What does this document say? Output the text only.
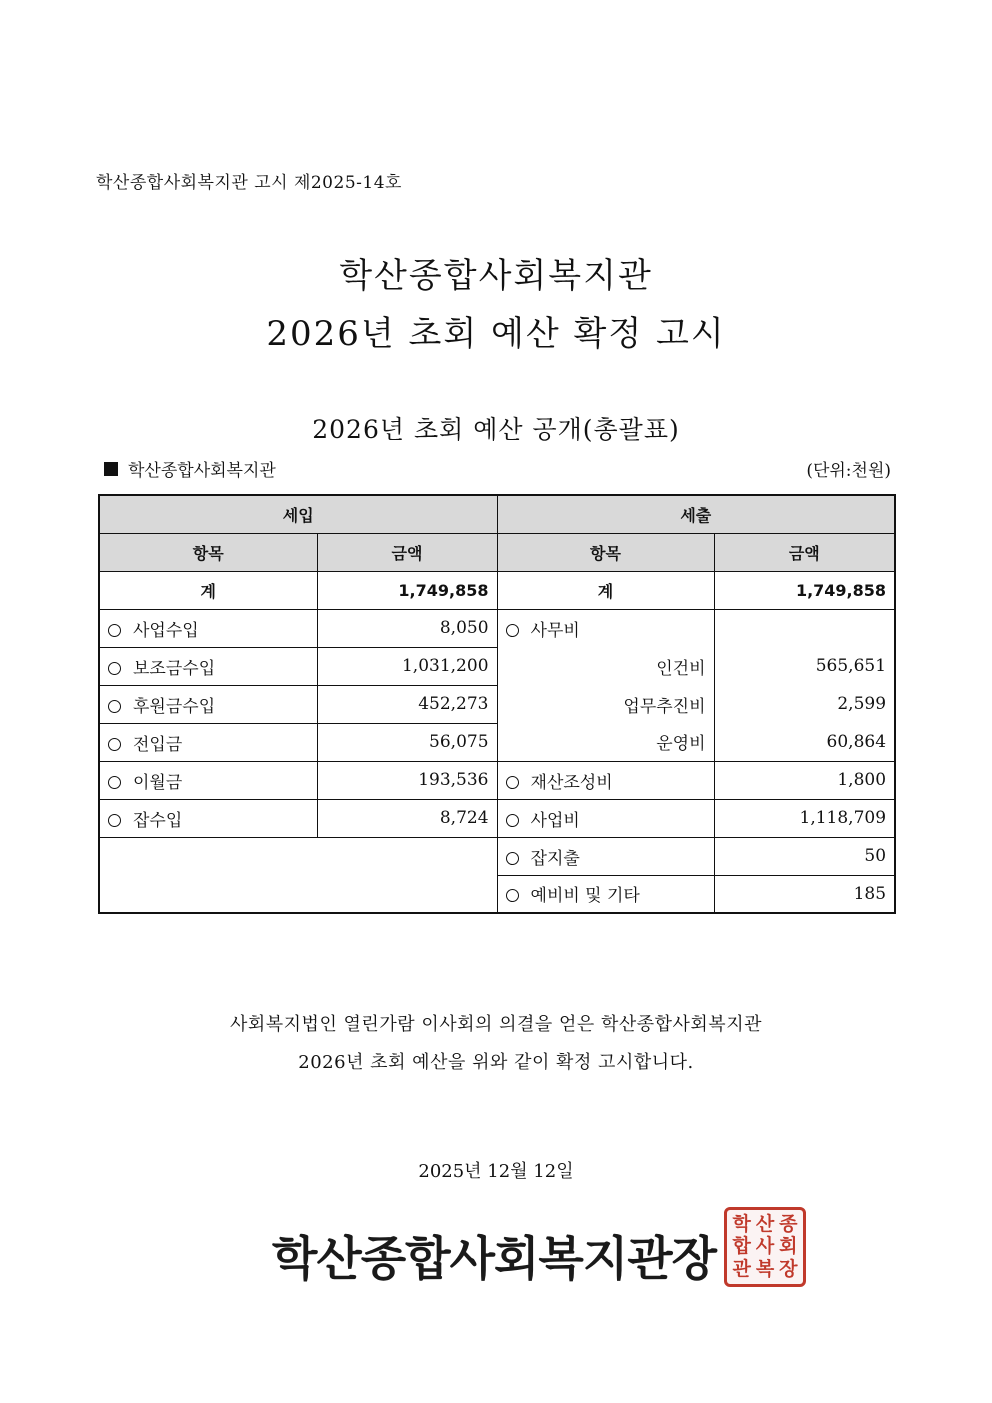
학산종합사회복지관 고시 제2025-14호
학산종합사회복지관
2026년 초회 예산 확정 고시
2026년 초회 예산 공개(총괄표)
학산종합사회복지관	(단위:천원)
세입		세출	
항목	금액	항목	금액
계	1,749,858	계	1,749,858
사업수입	8,050	사무비	
보조금수입	1,031,200	인건비	565,651
후원금수입	452,273	업무추진비	2,599
전입금	56,075	운영비	60,864
이월금	193,536	재산조성비	1,800
잡수입	8,724	사업비	1,118,709
		잡지출	50
		예비비 및 기타	185
사회복지법인 열린가람 이사회의 의결을 얻은 학산종합사회복지관
2026년 초회 예산을 위와 같이 확정 고시합니다.
2025년 12월 12일
학산종합사회복지관장
학 산 종
합 사 회
관 복 장
